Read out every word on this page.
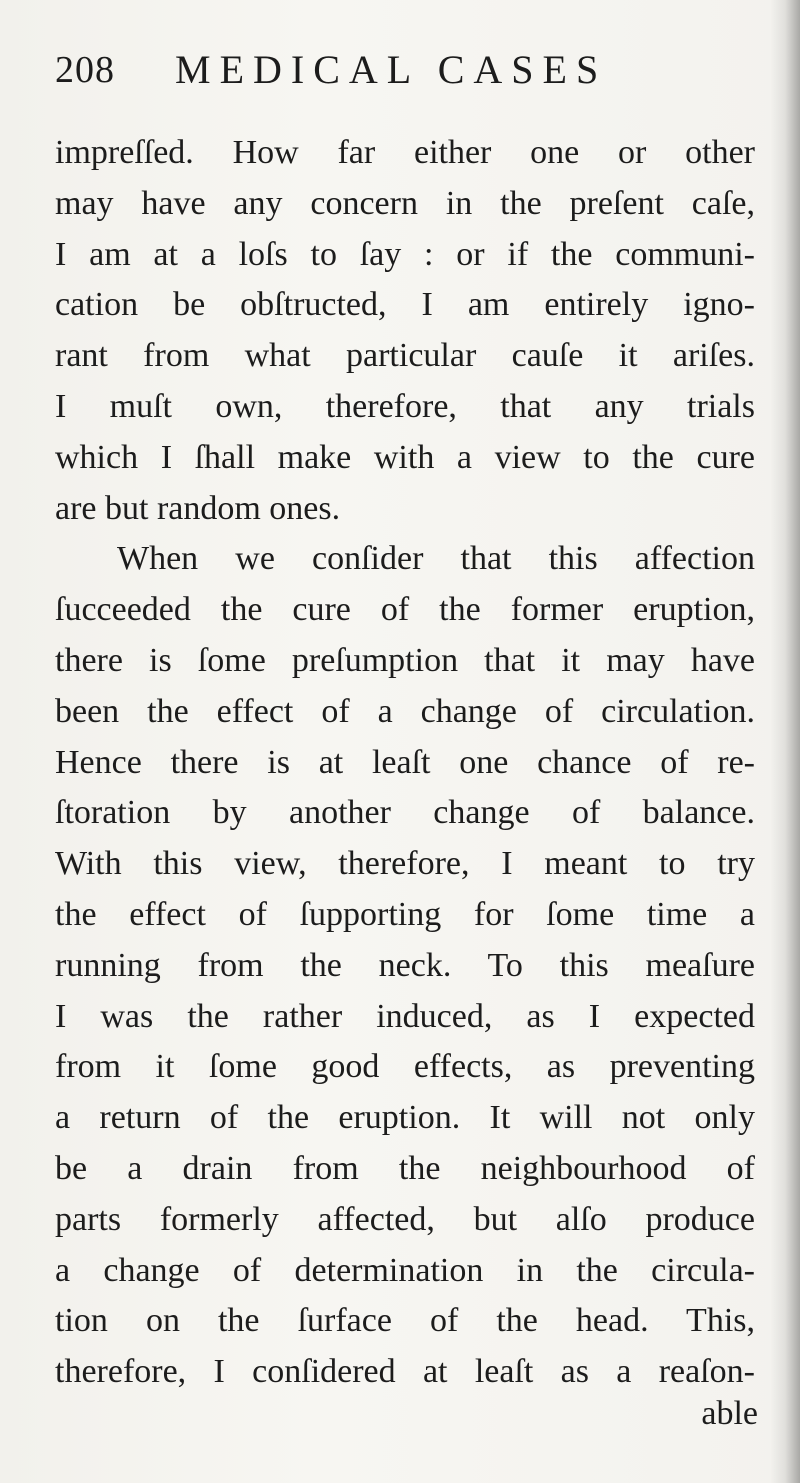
208 MEDICAL CASES
impreſſed. How far either one or other
may have any concern in the preſent caſe,
I am at a loſs to ſay : or if the communi-
cation be obſtructed, I am entirely igno-
rant from what particular cauſe it ariſes.
I muſt own, therefore, that any trials
which I ſhall make with a view to the cure
are but random ones.
When we conſider that this affection
ſucceeded the cure of the former eruption,
there is ſome preſumption that it may have
been the effect of a change of circulation.
Hence there is at leaſt one chance of re-
ſtoration by another change of balance.
With this view, therefore, I meant to try
the effect of ſupporting for ſome time a
running from the neck. To this meaſure
I was the rather induced, as I expected
from it ſome good effects, as preventing
a return of the eruption. It will not only
be a drain from the neighbourhood of
parts formerly affected, but alſo produce
a change of determination in the circula-
tion on the ſurface of the head. This,
therefore, I conſidered at leaſt as a reaſon-
able
